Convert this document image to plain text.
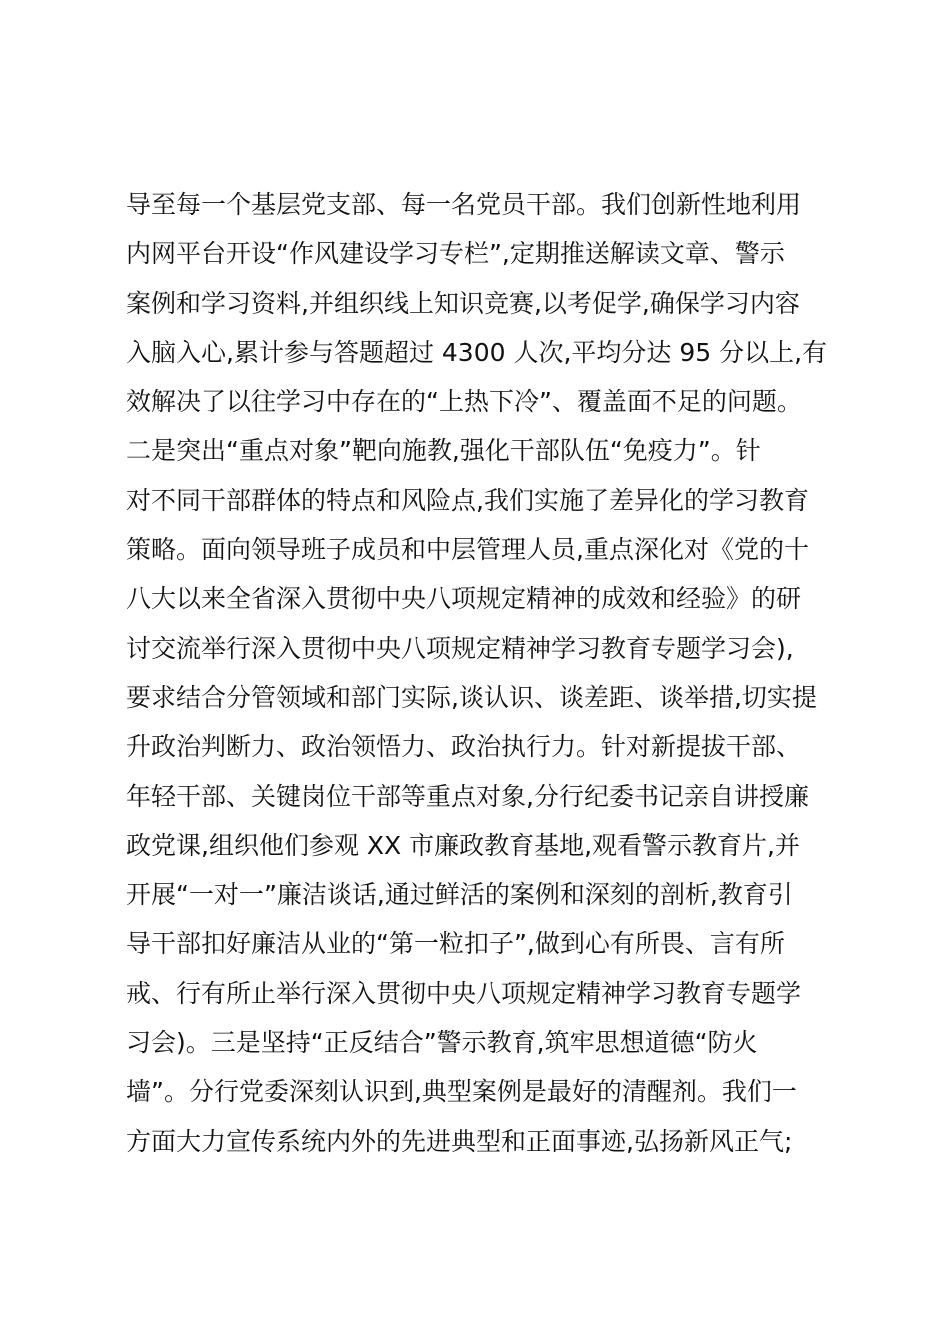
导至每一个基层党支部、每一名党员干部。我们创新性地利用
内网平台开设“作风建设学习专栏”,定期推送解读文章、警示
案例和学习资料,并组织线上知识竞赛,以考促学,确保学习内容
入脑入心,累计参与答题超过 4300 人次,平均分达 95 分以上,有
效解决了以往学习中存在的“上热下冷”、覆盖面不足的问题。
二是突出“重点对象”靶向施教,强化干部队伍“免疫力”。针
对不同干部群体的特点和风险点,我们实施了差异化的学习教育
策略。面向领导班子成员和中层管理人员,重点深化对《党的十
八大以来全省深入贯彻中央八项规定精神的成效和经验》的研
讨交流举行深入贯彻中央八项规定精神学习教育专题学习会),
要求结合分管领域和部门实际,谈认识、谈差距、谈举措,切实提
升政治判断力、政治领悟力、政治执行力。针对新提拔干部、
年轻干部、关键岗位干部等重点对象,分行纪委书记亲自讲授廉
政党课,组织他们参观 XX 市廉政教育基地,观看警示教育片,并
开展“一对一”廉洁谈话,通过鲜活的案例和深刻的剖析,教育引
导干部扣好廉洁从业的“第一粒扣子”,做到心有所畏、言有所
戒、行有所止举行深入贯彻中央八项规定精神学习教育专题学
习会)。三是坚持“正反结合”警示教育,筑牢思想道德“防火
墙”。分行党委深刻认识到,典型案例是最好的清醒剂。我们一
方面大力宣传系统内外的先进典型和正面事迹,弘扬新风正气;
